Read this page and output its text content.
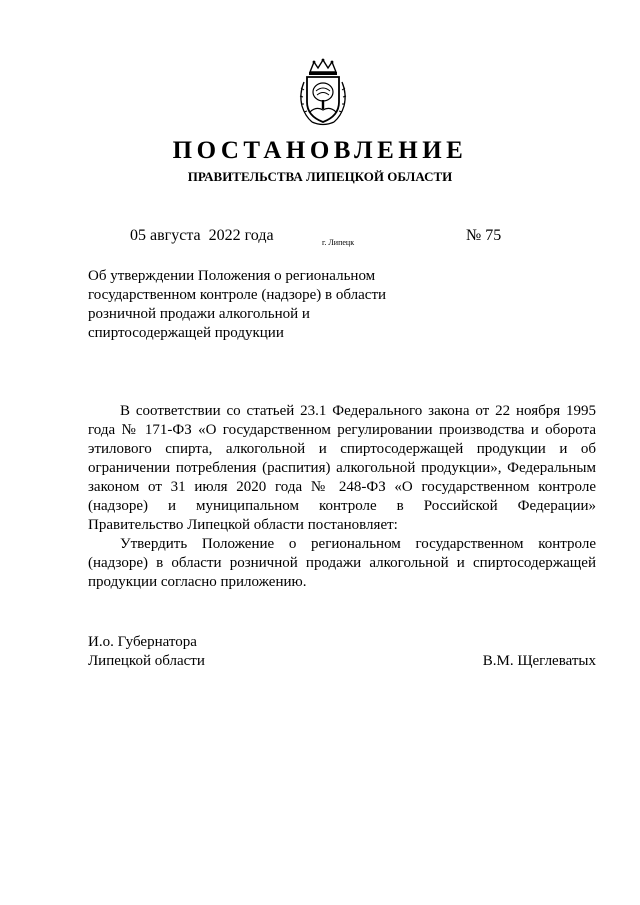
ПОСТАНОВЛЕНИЕ
ПРАВИТЕЛЬСТВА ЛИПЕЦКОЙ ОБЛАСТИ
05 августа  2022 года	г. Липецк	№ 75
Об утверждении Положения о региональном
государственном контроле (надзоре) в области
розничной продажи алкогольной и
спиртосодержащей продукции

В соответствии со статьей 23.1 Федерального закона от 22 ноября 1995 года № 171-ФЗ «О государственном регулировании производства и оборота этилового спирта, алкогольной и спиртосодержащей продукции и об ограничении потребления (распития) алкогольной продукции», Федеральным законом от 31 июля 2020 года № 248-ФЗ «О государственном контроле (надзоре) и муниципальном контроле в Российской Федерации» Правительство Липецкой области постановляет:

Утвердить Положение о региональном государственном контроле (надзоре) в области розничной продажи алкогольной и спиртосодержащей продукции согласно приложению.

И.о. Губернатора
Липецкой области	В.М. Щеглеватых
